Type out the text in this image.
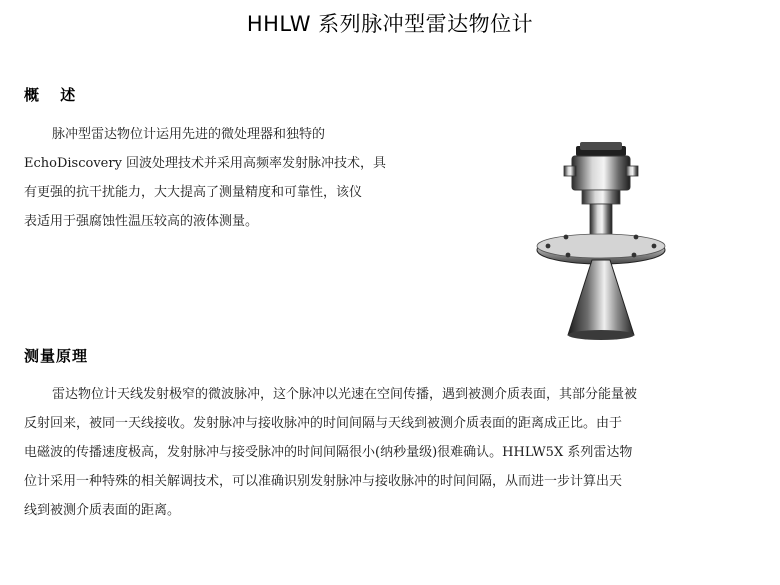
HHLW 系列脉冲型雷达物位计
概 述

脉冲型雷达物位计运用先进的微处理器和独特的
EchoDiscovery 回波处理技术并采用高频率发射脉冲技术，具
有更强的抗干扰能力，大大提高了测量精度和可靠性，该仪
表适用于强腐蚀性温压较高的液体测量。

测量原理

雷达物位计天线发射极窄的微波脉冲，这个脉冲以光速在空间传播，遇到被测介质表面，其部分能量被
反射回来，被同一天线接收。发射脉冲与接收脉冲的时间间隔与天线到被测介质表面的距离成正比。由于
电磁波的传播速度极高，发射脉冲与接受脉冲的时间间隔很小(纳秒量级)很难确认。HHLW5X 系列雷达物
位计采用一种特殊的相关解调技术，可以准确识别发射脉冲与接收脉冲的时间间隔，从而进一步计算出天
线到被测介质表面的距离。
